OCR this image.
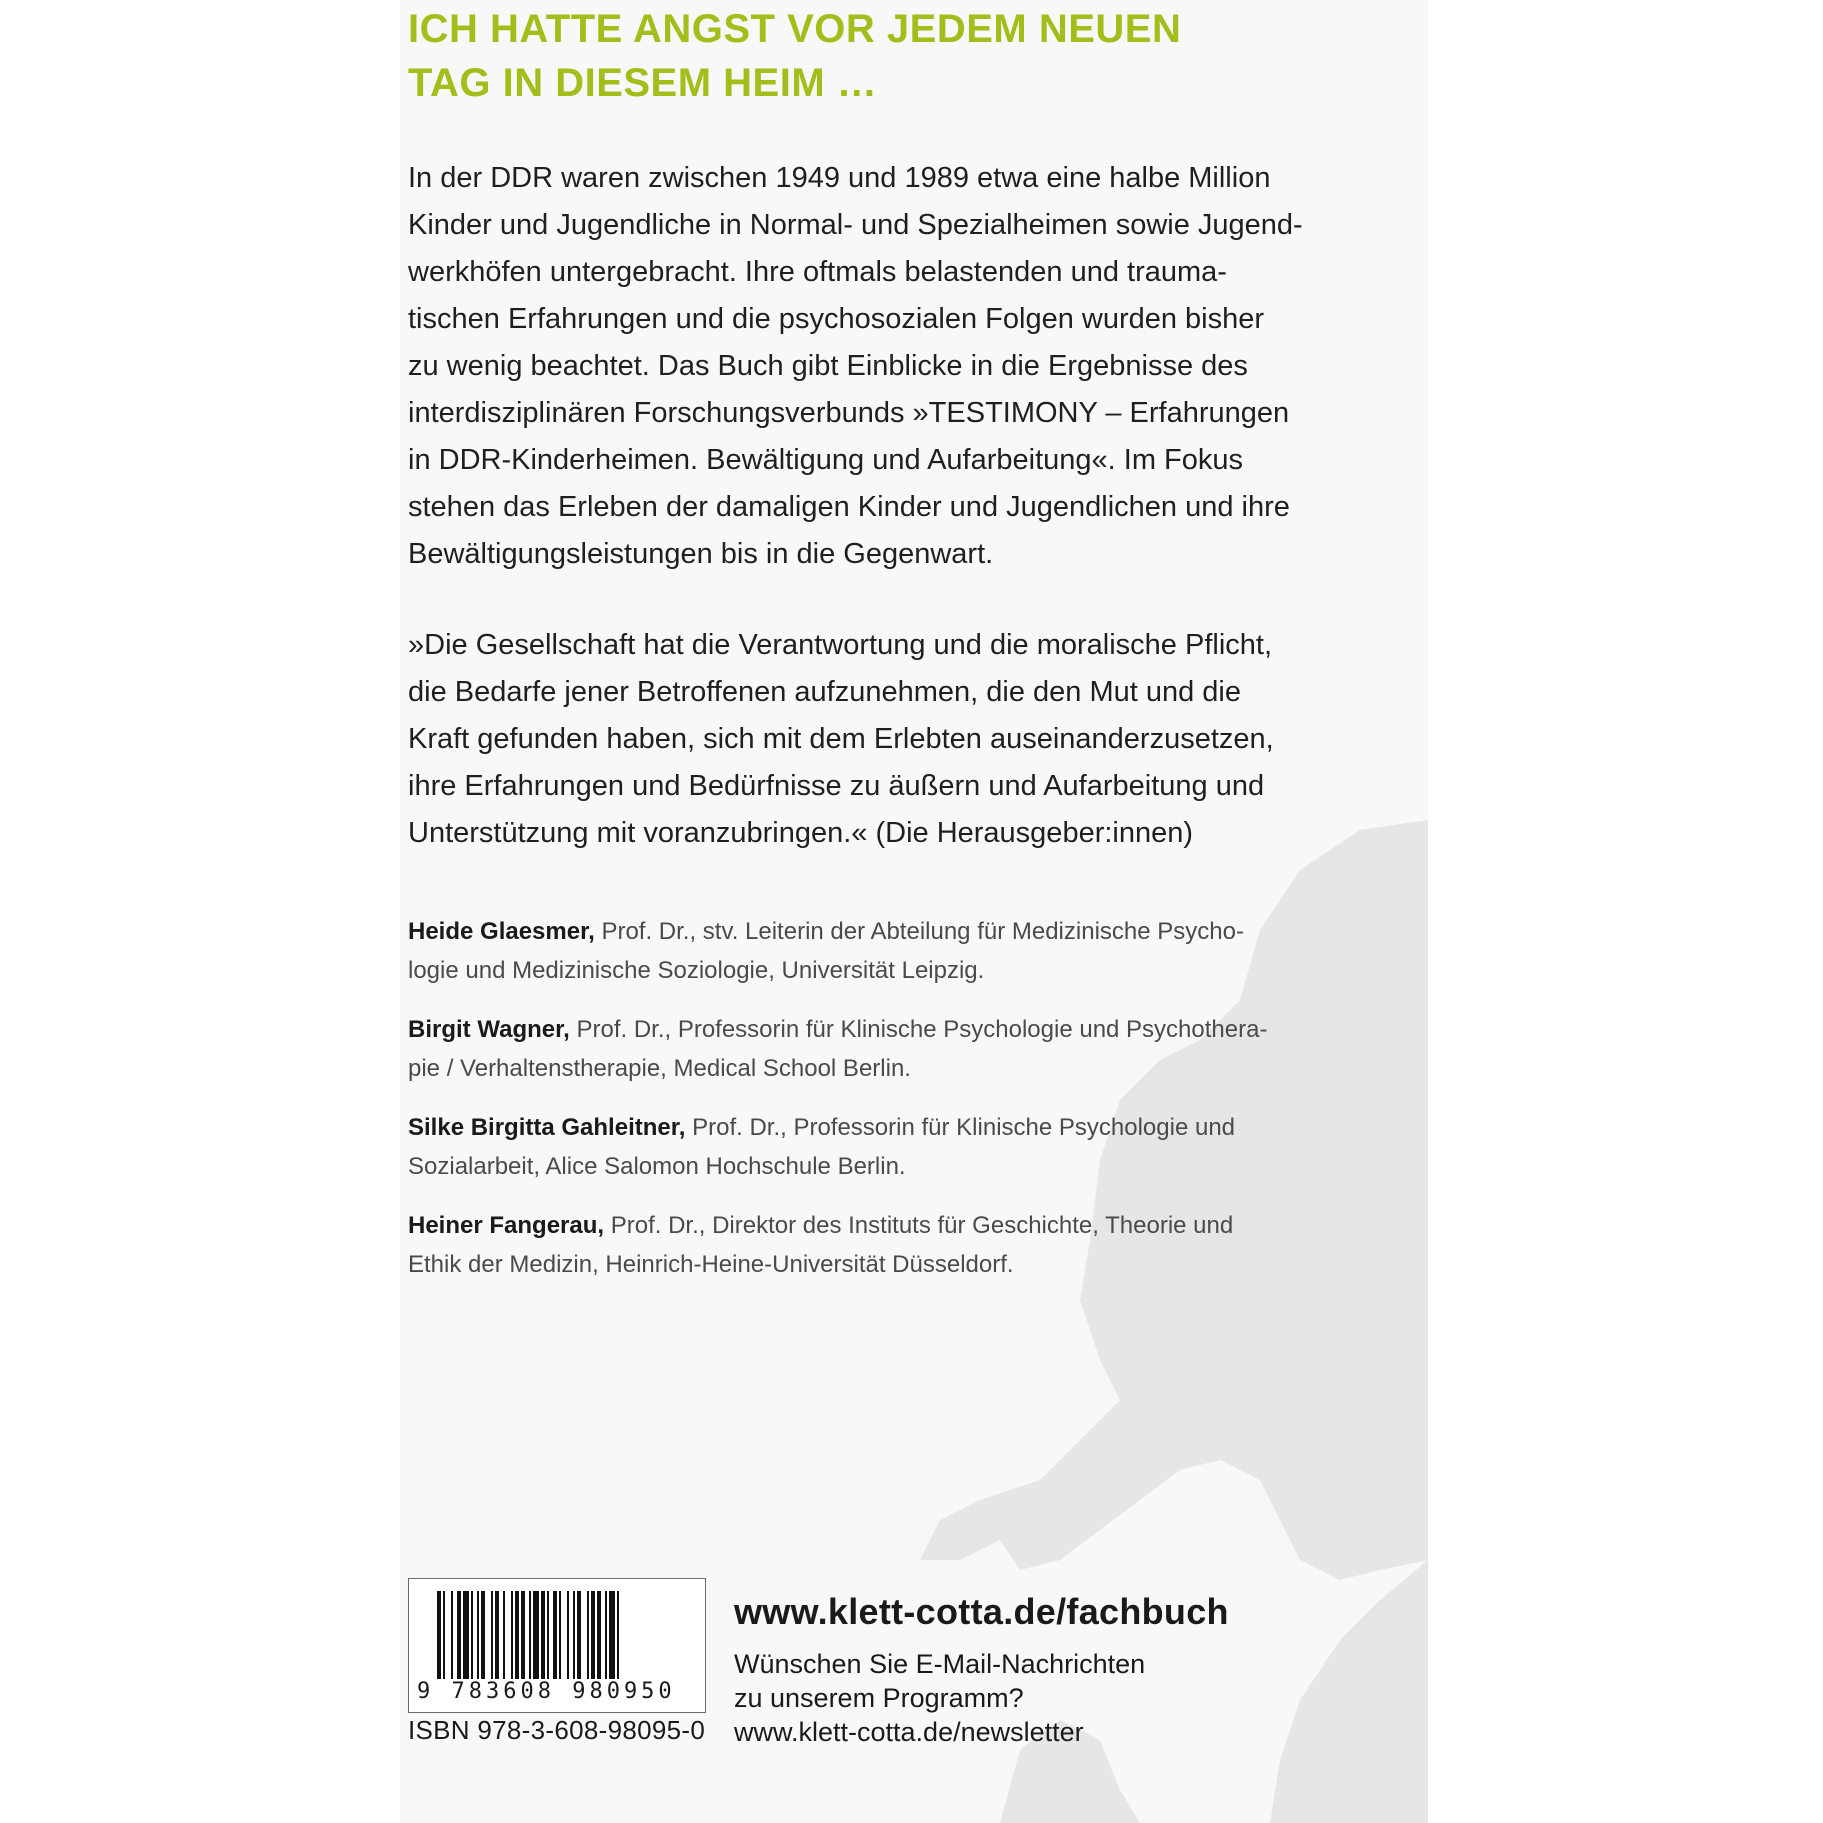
ICH HATTE ANGST VOR JEDEM NEUEN
TAG IN DIESEM HEIM …
In der DDR waren zwischen 1949 und 1989 etwa eine halbe Million
Kinder und Jugendliche in Normal- und Spezialheimen sowie Jugend-
werkhöfen untergebracht. Ihre oftmals belastenden und trauma-
tischen Erfahrungen und die psychosozialen Folgen wurden bisher
zu wenig beachtet. Das Buch gibt Einblicke in die Ergebnisse des
interdisziplinären Forschungsverbunds »TESTIMONY – Erfahrungen
in DDR-Kinderheimen. Bewältigung und Aufarbeitung«. Im Fokus
stehen das Erleben der damaligen Kinder und Jugendlichen und ihre
Bewältigungsleistungen bis in die Gegenwart.
»Die Gesellschaft hat die Verantwortung und die moralische Pflicht,
die Bedarfe jener Betroffenen aufzunehmen, die den Mut und die
Kraft gefunden haben, sich mit dem Erlebten auseinanderzusetzen,
ihre Erfahrungen und Bedürfnisse zu äußern und Aufarbeitung und
Unterstützung mit voranzubringen.« (Die Herausgeber:innen)
Heide Glaesmer, Prof. Dr., stv. Leiterin der Abteilung für Medizinische Psycho-
logie und Medizinische Soziologie, Universität Leipzig.
Birgit Wagner, Prof. Dr., Professorin für Klinische Psychologie und Psychothera-
pie / Verhaltenstherapie, Medical School Berlin.
Silke Birgitta Gahleitner, Prof. Dr., Professorin für Klinische Psychologie und
Sozialarbeit, Alice Salomon Hochschule Berlin.
Heiner Fangerau, Prof. Dr., Direktor des Instituts für Geschichte, Theorie und
Ethik der Medizin, Heinrich-Heine-Universität Düsseldorf.
9 783608 980950
ISBN 978-3-608-98095-0
www.klett-cotta.de/fachbuch
Wünschen Sie E-Mail-Nachrichten
zu unserem Programm?
www.klett-cotta.de/newsletter
